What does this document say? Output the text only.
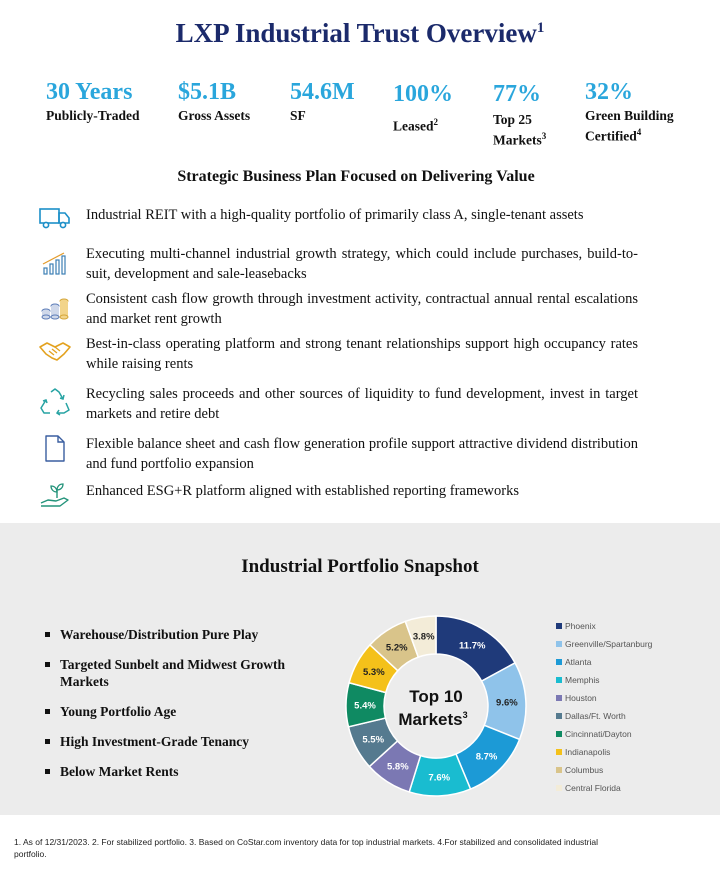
LXP Industrial Trust Overview$^1$
30 Years
Publicly-Traded
$5.1B
Gross Assets
54.6M
SF
100%
Leased$^2$
77%
Top 25 Markets$^3$
32%
Green Building Certified$^4$
Strategic Business Plan Focused on Delivering Value
Industrial REIT with a high-quality portfolio of primarily class A, single-tenant assets
Executing multi-channel industrial growth strategy, which could include purchases, build-to-suit, development and sale-leasebacks
Consistent cash flow growth through investment activity, contractual annual rental escalations and market rent growth
Best-in-class operating platform and strong tenant relationships support high occupancy rates while raising rents
Recycling sales proceeds and other sources of liquidity to fund development, invest in target markets and retire debt
Flexible balance sheet and cash flow generation profile support attractive dividend distribution and fund portfolio expansion
Enhanced ESG+R platform aligned with established reporting frameworks
Industrial Portfolio Snapshot
Warehouse/Distribution Pure Play
Targeted Sunbelt and Midwest Growth Markets
Young Portfolio Age
High Investment-Grade Tenancy
Below Market Rents
11.7%
9.6%
8.7%
7.6%
5.8%
5.5%
5.4%
5.3%
5.2%
3.8%
Top 10
Markets$^3$
Phoenix
Greenville/Spartanburg
Atlanta
Memphis
Houston
Dallas/Ft. Worth
Cincinnati/Dayton
Indianapolis
Columbus
Central Florida
1. As of 12/31/2023. 2. For stabilized portfolio. 3. Based on CoStar.com inventory data for top industrial markets. 4.For stabilized and consolidated industrial portfolio.
